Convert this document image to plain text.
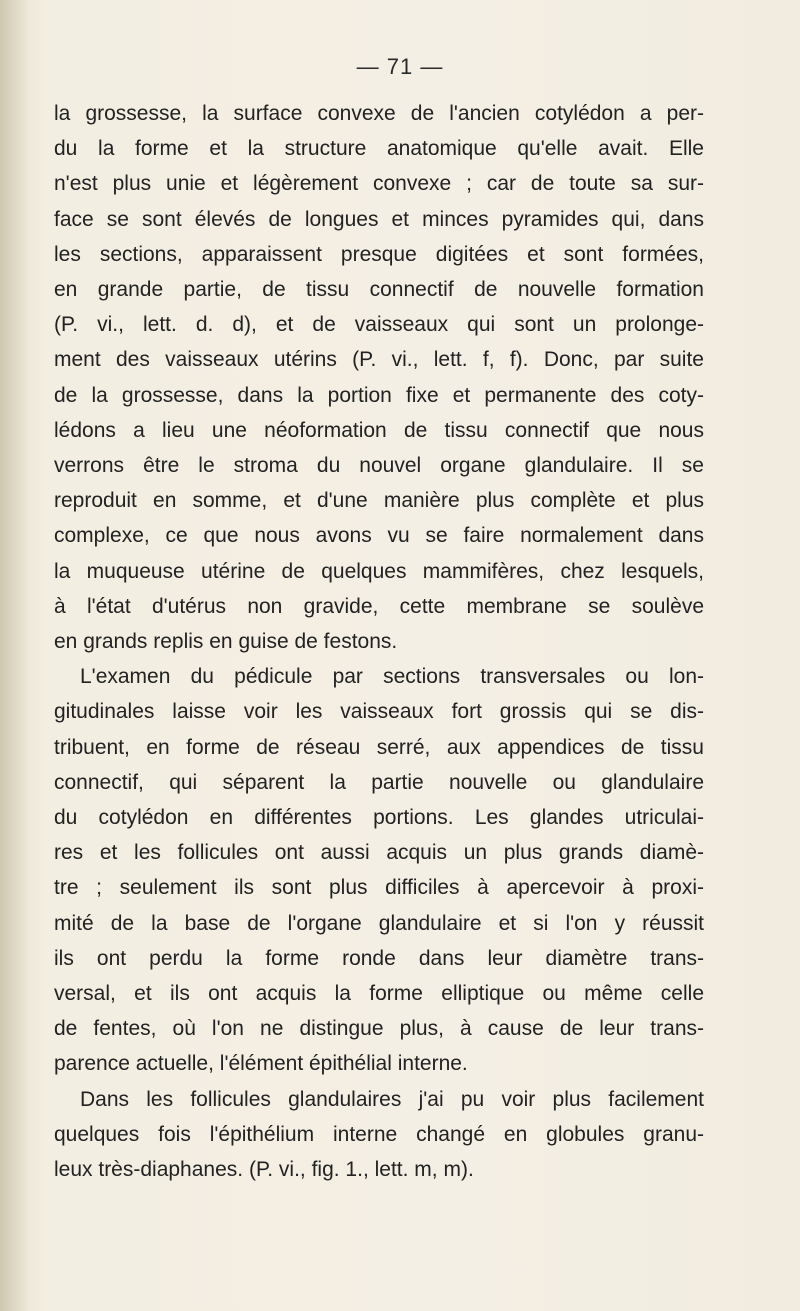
— 71 —
la grossesse, la surface convexe de l'ancien cotylédon a per-
du la forme et la structure anatomique qu'elle avait. Elle
n'est plus unie et légèrement convexe ; car de toute sa sur-
face se sont élevés de longues et minces pyramides qui, dans
les sections, apparaissent presque digitées et sont formées,
en grande partie, de tissu connectif de nouvelle formation
(P. vi., lett. d. d), et de vaisseaux qui sont un prolonge-
ment des vaisseaux utérins (P. vi., lett. f, f). Donc, par suite
de la grossesse, dans la portion fixe et permanente des coty-
lédons a lieu une néoformation de tissu connectif que nous
verrons être le stroma du nouvel organe glandulaire. Il se
reproduit en somme, et d'une manière plus complète et plus
complexe, ce que nous avons vu se faire normalement dans
la muqueuse utérine de quelques mammifères, chez lesquels,
à l'état d'utérus non gravide, cette membrane se soulève
en grands replis en guise de festons.
L'examen du pédicule par sections transversales ou lon-
gitudinales laisse voir les vaisseaux fort grossis qui se dis-
tribuent, en forme de réseau serré, aux appendices de tissu
connectif, qui séparent la partie nouvelle ou glandulaire
du cotylédon en différentes portions. Les glandes utriculai-
res et les follicules ont aussi acquis un plus grands diamè-
tre ; seulement ils sont plus difficiles à apercevoir à proxi-
mité de la base de l'organe glandulaire et si l'on y réussit
ils ont perdu la forme ronde dans leur diamètre trans-
versal, et ils ont acquis la forme elliptique ou même celle
de fentes, où l'on ne distingue plus, à cause de leur trans-
parence actuelle, l'élément épithélial interne.
Dans les follicules glandulaires j'ai pu voir plus facilement
quelques fois l'épithélium interne changé en globules granu-
leux très-diaphanes. (P. vi., fig. 1., lett. m, m).
